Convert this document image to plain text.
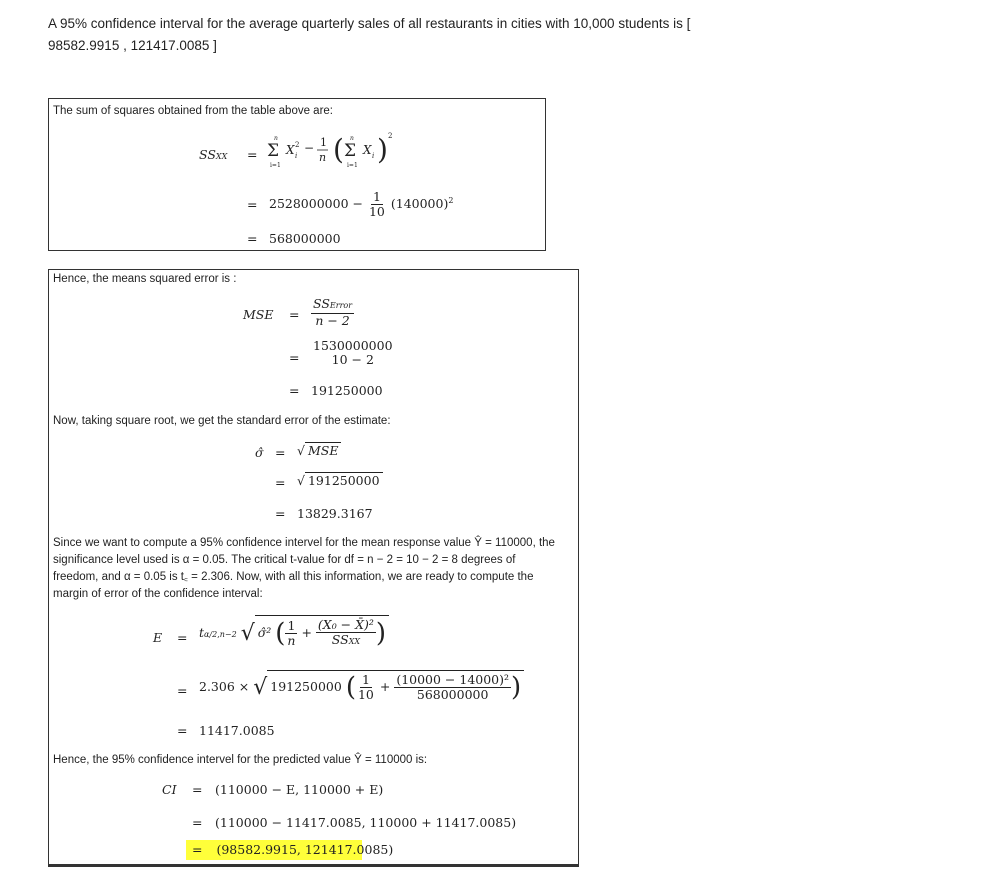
A 95% confidence interval for the average quarterly sales of all restaurants in cities with 10,000 students is [
98582.9915 , 121417.0085 ]
The sum of squares obtained from the table above are:
SSXX =
n
Σ
i=1
X 2
i
− 1
n ( n
Σ
i=1
X i ) 2
= $2528000000 - \frac{1}{10} (140000)^2$
= 568000000
Hence, the means squared error is :
MSE = $\frac{\text{SSError}}{n - 2}$
=
1530000000
10 − 2
= 191250000
Now, taking square root, we get the standard error of the estimate:
σ̂ = √ MSE
= √ 191250000
= 13829.3167
Since we want to compute a 95% confidence intervel for the mean response value Ŷ = 110000, the significance level used is α = 0.05. The critical t-value for df = n − 2 = 10 − 2 = 8 degrees of freedom, and α = 0.05 is t꜀ = 2.306. Now, with all this information, we are ready to compute the margin of error of the confidence interval:
E = tα/2,n−2 √ σ̂² ( $\frac{1}{n} + \frac{\text{(X₀ − X̄)²}}{\text{SSXX}}$ )
= 2.306 × √ 191250000 ( $\frac{1}{10} + \frac{\text{(10000 − 14000)²}}{568000000}$ )
= 11417.0085
Hence, the 95% confidence intervel for the predicted value Ŷ = 110000 is:
CI = (110000 − E, 110000 + E)
= (110000 − 11417.0085, 110000 + 11417.0085)
= (98582.9915, 121417.0085)
